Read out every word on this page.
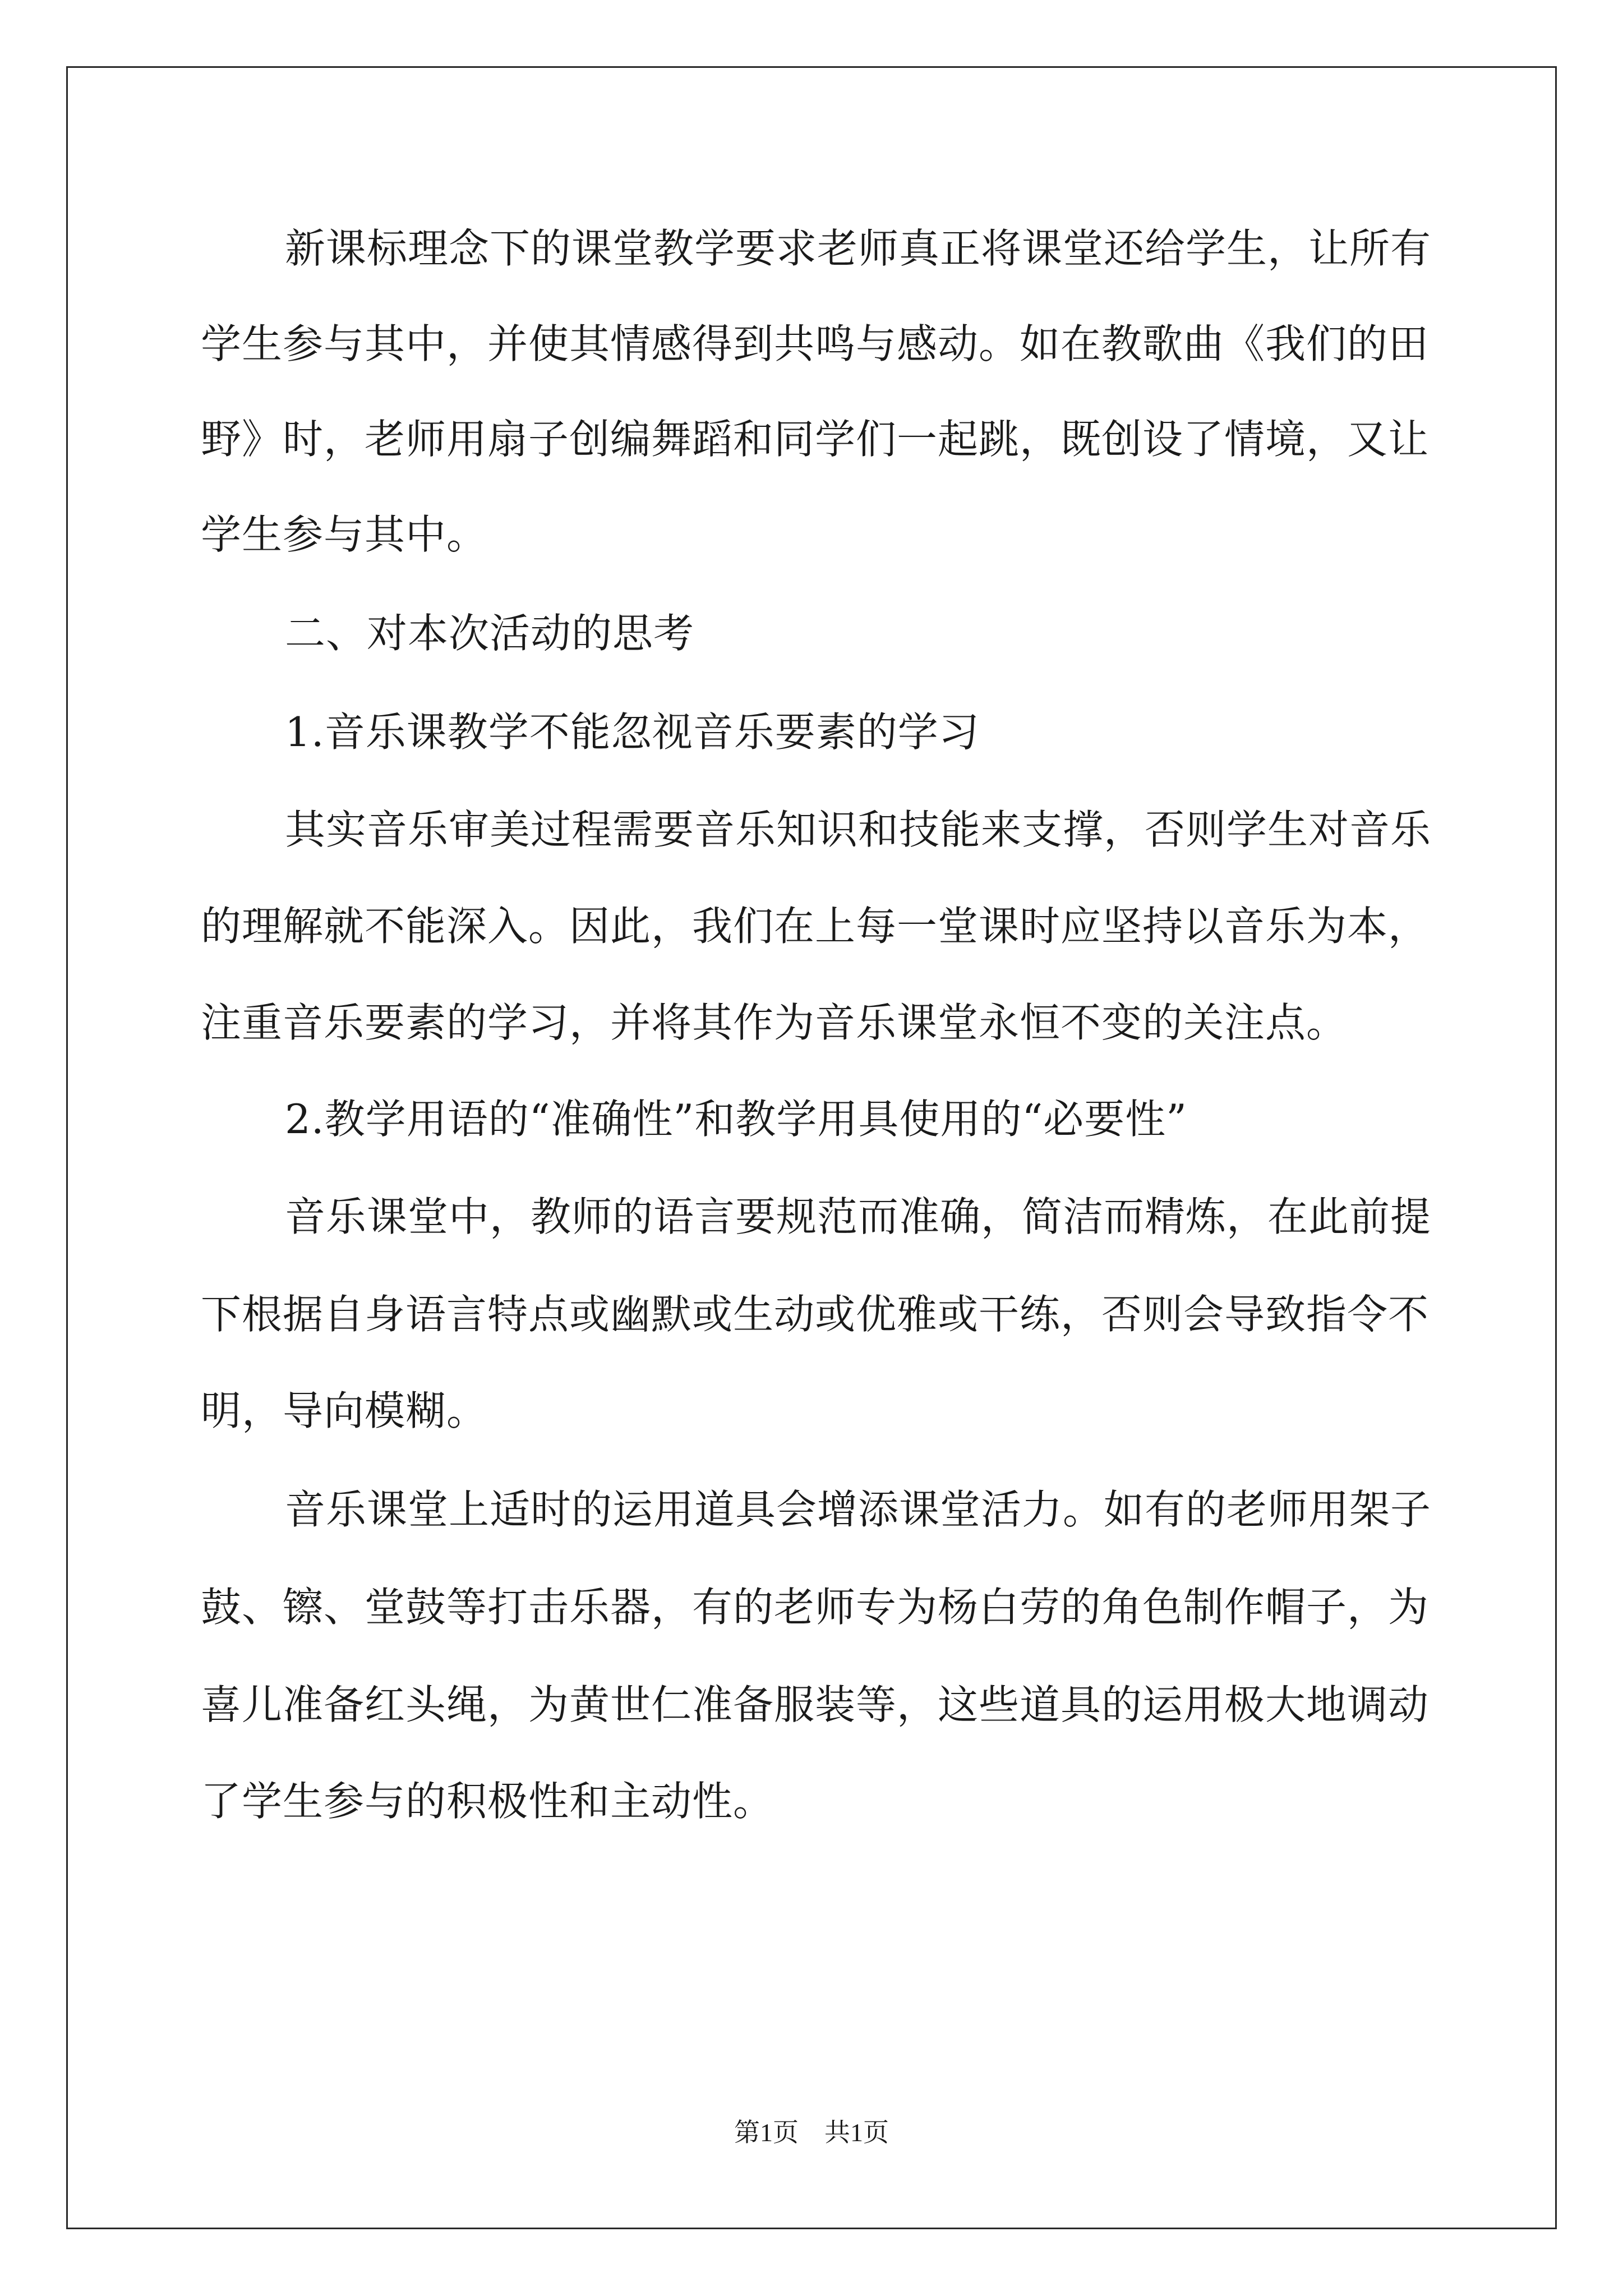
新课标理念下的课堂教学要求老师真正将课堂还给学生，让所有
学生参与其中，并使其情感得到共鸣与感动。如在教歌曲《我们的田
野》时，老师用扇子创编舞蹈和同学们一起跳，既创设了情境，又让
学生参与其中。
二、对本次活动的思考
1.音乐课教学不能忽视音乐要素的学习
其实音乐审美过程需要音乐知识和技能来支撑，否则学生对音乐
的理解就不能深入。因此，我们在上每一堂课时应坚持以音乐为本，
注重音乐要素的学习，并将其作为音乐课堂永恒不变的关注点。
2.教学用语的“准确性”和教学用具使用的“必要性”
音乐课堂中，教师的语言要规范而准确，简洁而精炼，在此前提
下根据自身语言特点或幽默或生动或优雅或干练，否则会导致指令不
明，导向模糊。
音乐课堂上适时的运用道具会增添课堂活力。如有的老师用架子
鼓、镲、堂鼓等打击乐器，有的老师专为杨白劳的角色制作帽子，为
喜儿准备红头绳，为黄世仁准备服装等，这些道具的运用极大地调动
了学生参与的积极性和主动性。
第1页　共1页
